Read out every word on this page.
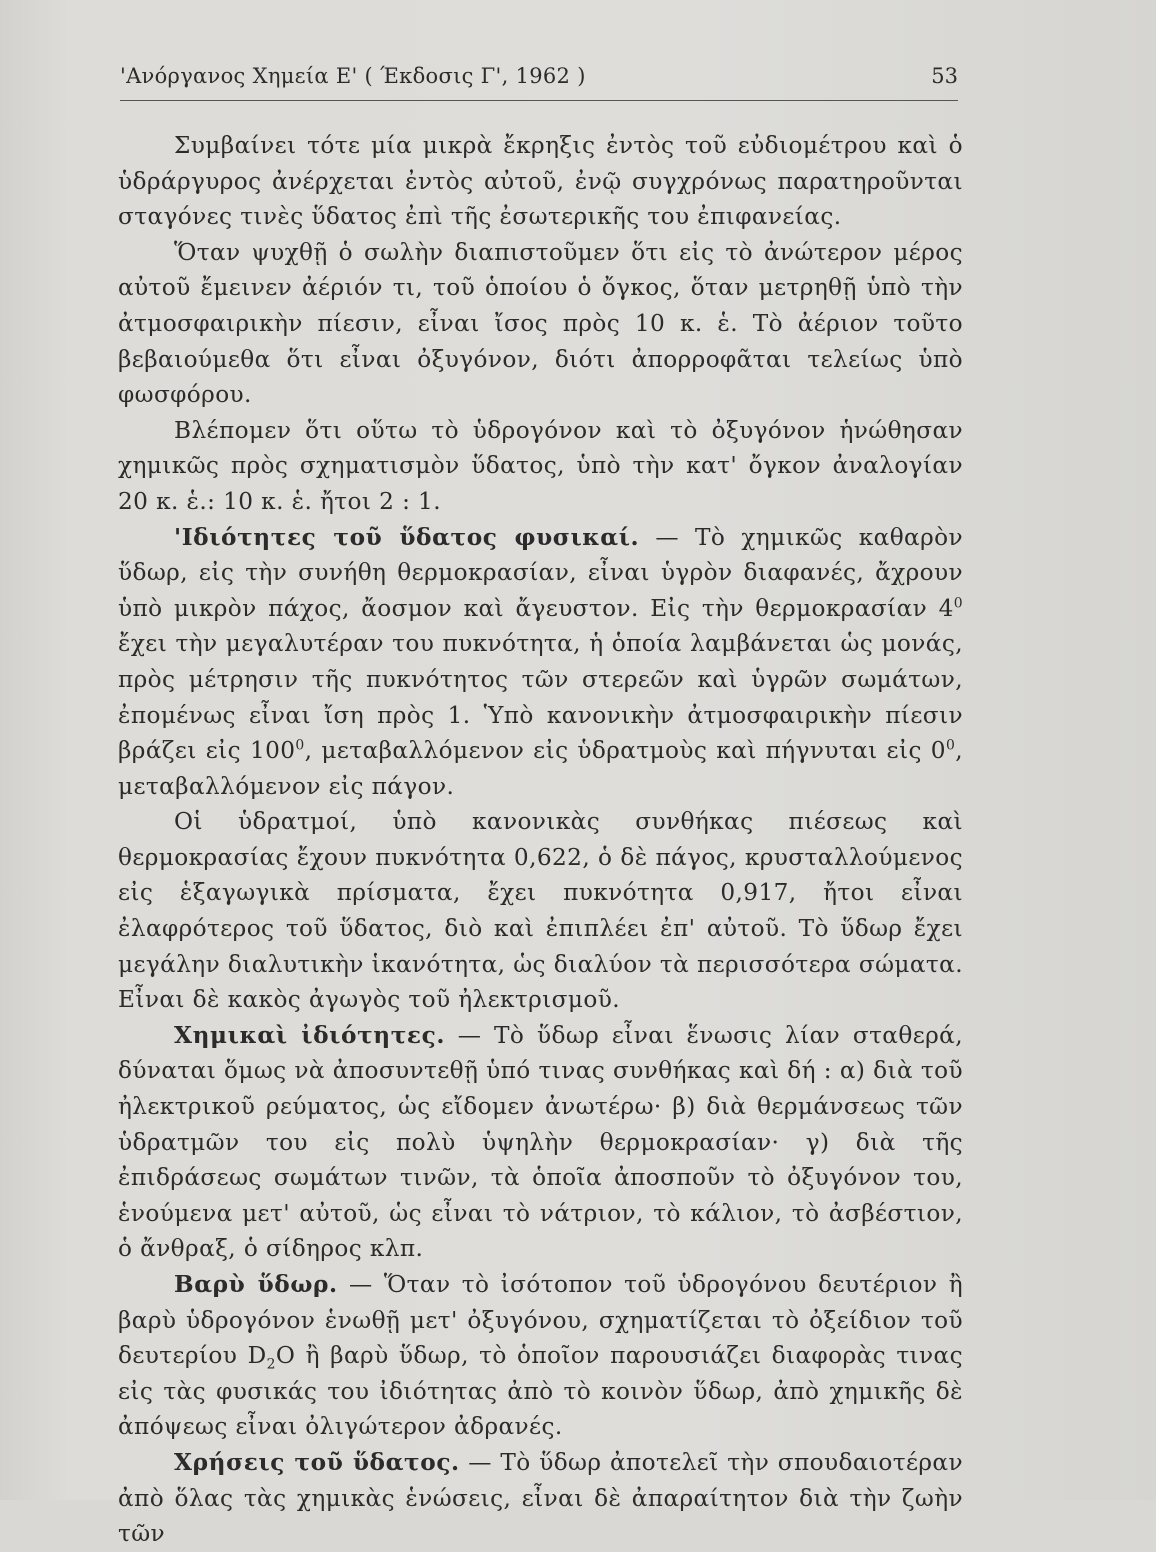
'Ανόργανος Χημεία Ε' ( Έκδοσις Γ', 1962 )	53

Συμβαίνει τότε μία μικρὰ ἔκρηξις ἐντὸς τοῦ εὐδιομέτρου καὶ ὁ ὑδράργυρος ἀνέρχεται ἐντὸς αὐτοῦ, ἐνῷ συγχρόνως παρατηροῦνται σταγόνες τινὲς ὕδατος ἐπὶ τῆς ἐσωτερικῆς του ἐπιφανείας.

Ὅταν ψυχθῇ ὁ σωλὴν διαπιστοῦμεν ὅτι εἰς τὸ ἀνώτερον μέρος αὐτοῦ ἔμεινεν ἀέριόν τι, τοῦ ὁποίου ὁ ὄγκος, ὅταν μετρηθῇ ὑπὸ τὴν ἀτμοσφαιρικὴν πίεσιν, εἶναι ἴσος πρὸς 10 κ. ἑ. Τὸ ἀέριον τοῦτο βεβαιούμεθα ὅτι εἶναι ὀξυγόνον, διότι ἀπορροφᾶται τελείως ὑπὸ φωσφόρου.

Βλέπομεν ὅτι οὕτω τὸ ὑδρογόνον καὶ τὸ ὀξυγόνον ἡνώθησαν χημικῶς πρὸς σχηματισμὸν ὕδατος, ὑπὸ τὴν κατ' ὄγκον ἀναλογίαν 20 κ. ἑ.: 10 κ. ἑ. ἤτοι 2 : 1.

'Ιδιότητες τοῦ ὕδατος φυσικαί. — Τὸ χημικῶς καθαρὸν ὕδωρ, εἰς τὴν συνήθη θερμοκρασίαν, εἶναι ὑγρὸν διαφανές, ἄχρουν ὑπὸ μικρὸν πάχος, ἄοσμον καὶ ἄγευστον. Εἰς τὴν θερμοκρασίαν $4^0$ ἔχει τὴν μεγαλυτέραν του πυκνότητα, ἡ ὁποία λαμβάνεται ὡς μονάς, πρὸς μέτρησιν τῆς πυκνότητος τῶν στερεῶν καὶ ὑγρῶν σωμάτων, ἐπομένως εἶναι ἴση πρὸς 1. Ὑπὸ κανονικὴν ἀτμοσφαιρικὴν πίεσιν βράζει εἰς $100^0$, μεταβαλλόμενον εἰς ὑδρατμοὺς καὶ πήγνυται εἰς $0^0$, μεταβαλλόμενον εἰς πάγον.

Οἱ ὑδρατμοί, ὑπὸ κανονικὰς συνθήκας πιέσεως καὶ θερμοκρασίας ἔχουν πυκνότητα 0,622, ὁ δὲ πάγος, κρυσταλλούμενος εἰς ἑξαγωγικὰ πρίσματα, ἔχει πυκνότητα 0,917, ἤτοι εἶναι ἐλαφρότερος τοῦ ὕδατος, διὸ καὶ ἐπιπλέει ἐπ' αὐτοῦ. Τὸ ὕδωρ ἔχει μεγάλην διαλυτικὴν ἱκανότητα, ὡς διαλύον τὰ περισσότερα σώματα. Εἶναι δὲ κακὸς ἀγωγὸς τοῦ ἠλεκτρισμοῦ.

Χημικαὶ ἰδιότητες. — Τὸ ὕδωρ εἶναι ἕνωσις λίαν σταθερά, δύναται ὅμως νὰ ἀποσυντεθῇ ὑπό τινας συνθήκας καὶ δή : α) διὰ τοῦ ἠλεκτρικοῦ ρεύματος, ὡς εἴδομεν ἀνωτέρω· β) διὰ θερμάνσεως τῶν ὑδρατμῶν του εἰς πολὺ ὑψηλὴν θερμοκρασίαν· γ) διὰ τῆς ἐπιδράσεως σωμάτων τινῶν, τὰ ὁποῖα ἀποσποῦν τὸ ὀξυγόνον του, ἑνούμενα μετ' αὐτοῦ, ὡς εἶναι τὸ νάτριον, τὸ κάλιον, τὸ ἀσβέστιον, ὁ ἄνθραξ, ὁ σίδηρος κλπ.

Βαρὺ ὕδωρ. — Ὅταν τὸ ἰσότοπον τοῦ ὑδρογόνου δευτέριον ἢ βαρὺ ὑδρογόνον ἑνωθῇ μετ' ὀξυγόνου, σχηματίζεται τὸ ὀξείδιον τοῦ δευτερίου $D_2O$ ἢ βαρὺ ὕδωρ, τὸ ὁποῖον παρουσιάζει διαφορὰς τινας εἰς τὰς φυσικάς του ἰδιότητας ἀπὸ τὸ κοινὸν ὕδωρ, ἀπὸ χημικῆς δὲ ἀπόψεως εἶναι ὀλιγώτερον ἀδρανές.

Χρήσεις τοῦ ὕδατος. — Τὸ ὕδωρ ἀποτελεῖ τὴν σπουδαιοτέραν ἀπὸ ὅλας τὰς χημικὰς ἑνώσεις, εἶναι δὲ ἀπαραίτητον διὰ τὴν ζωὴν τῶν
